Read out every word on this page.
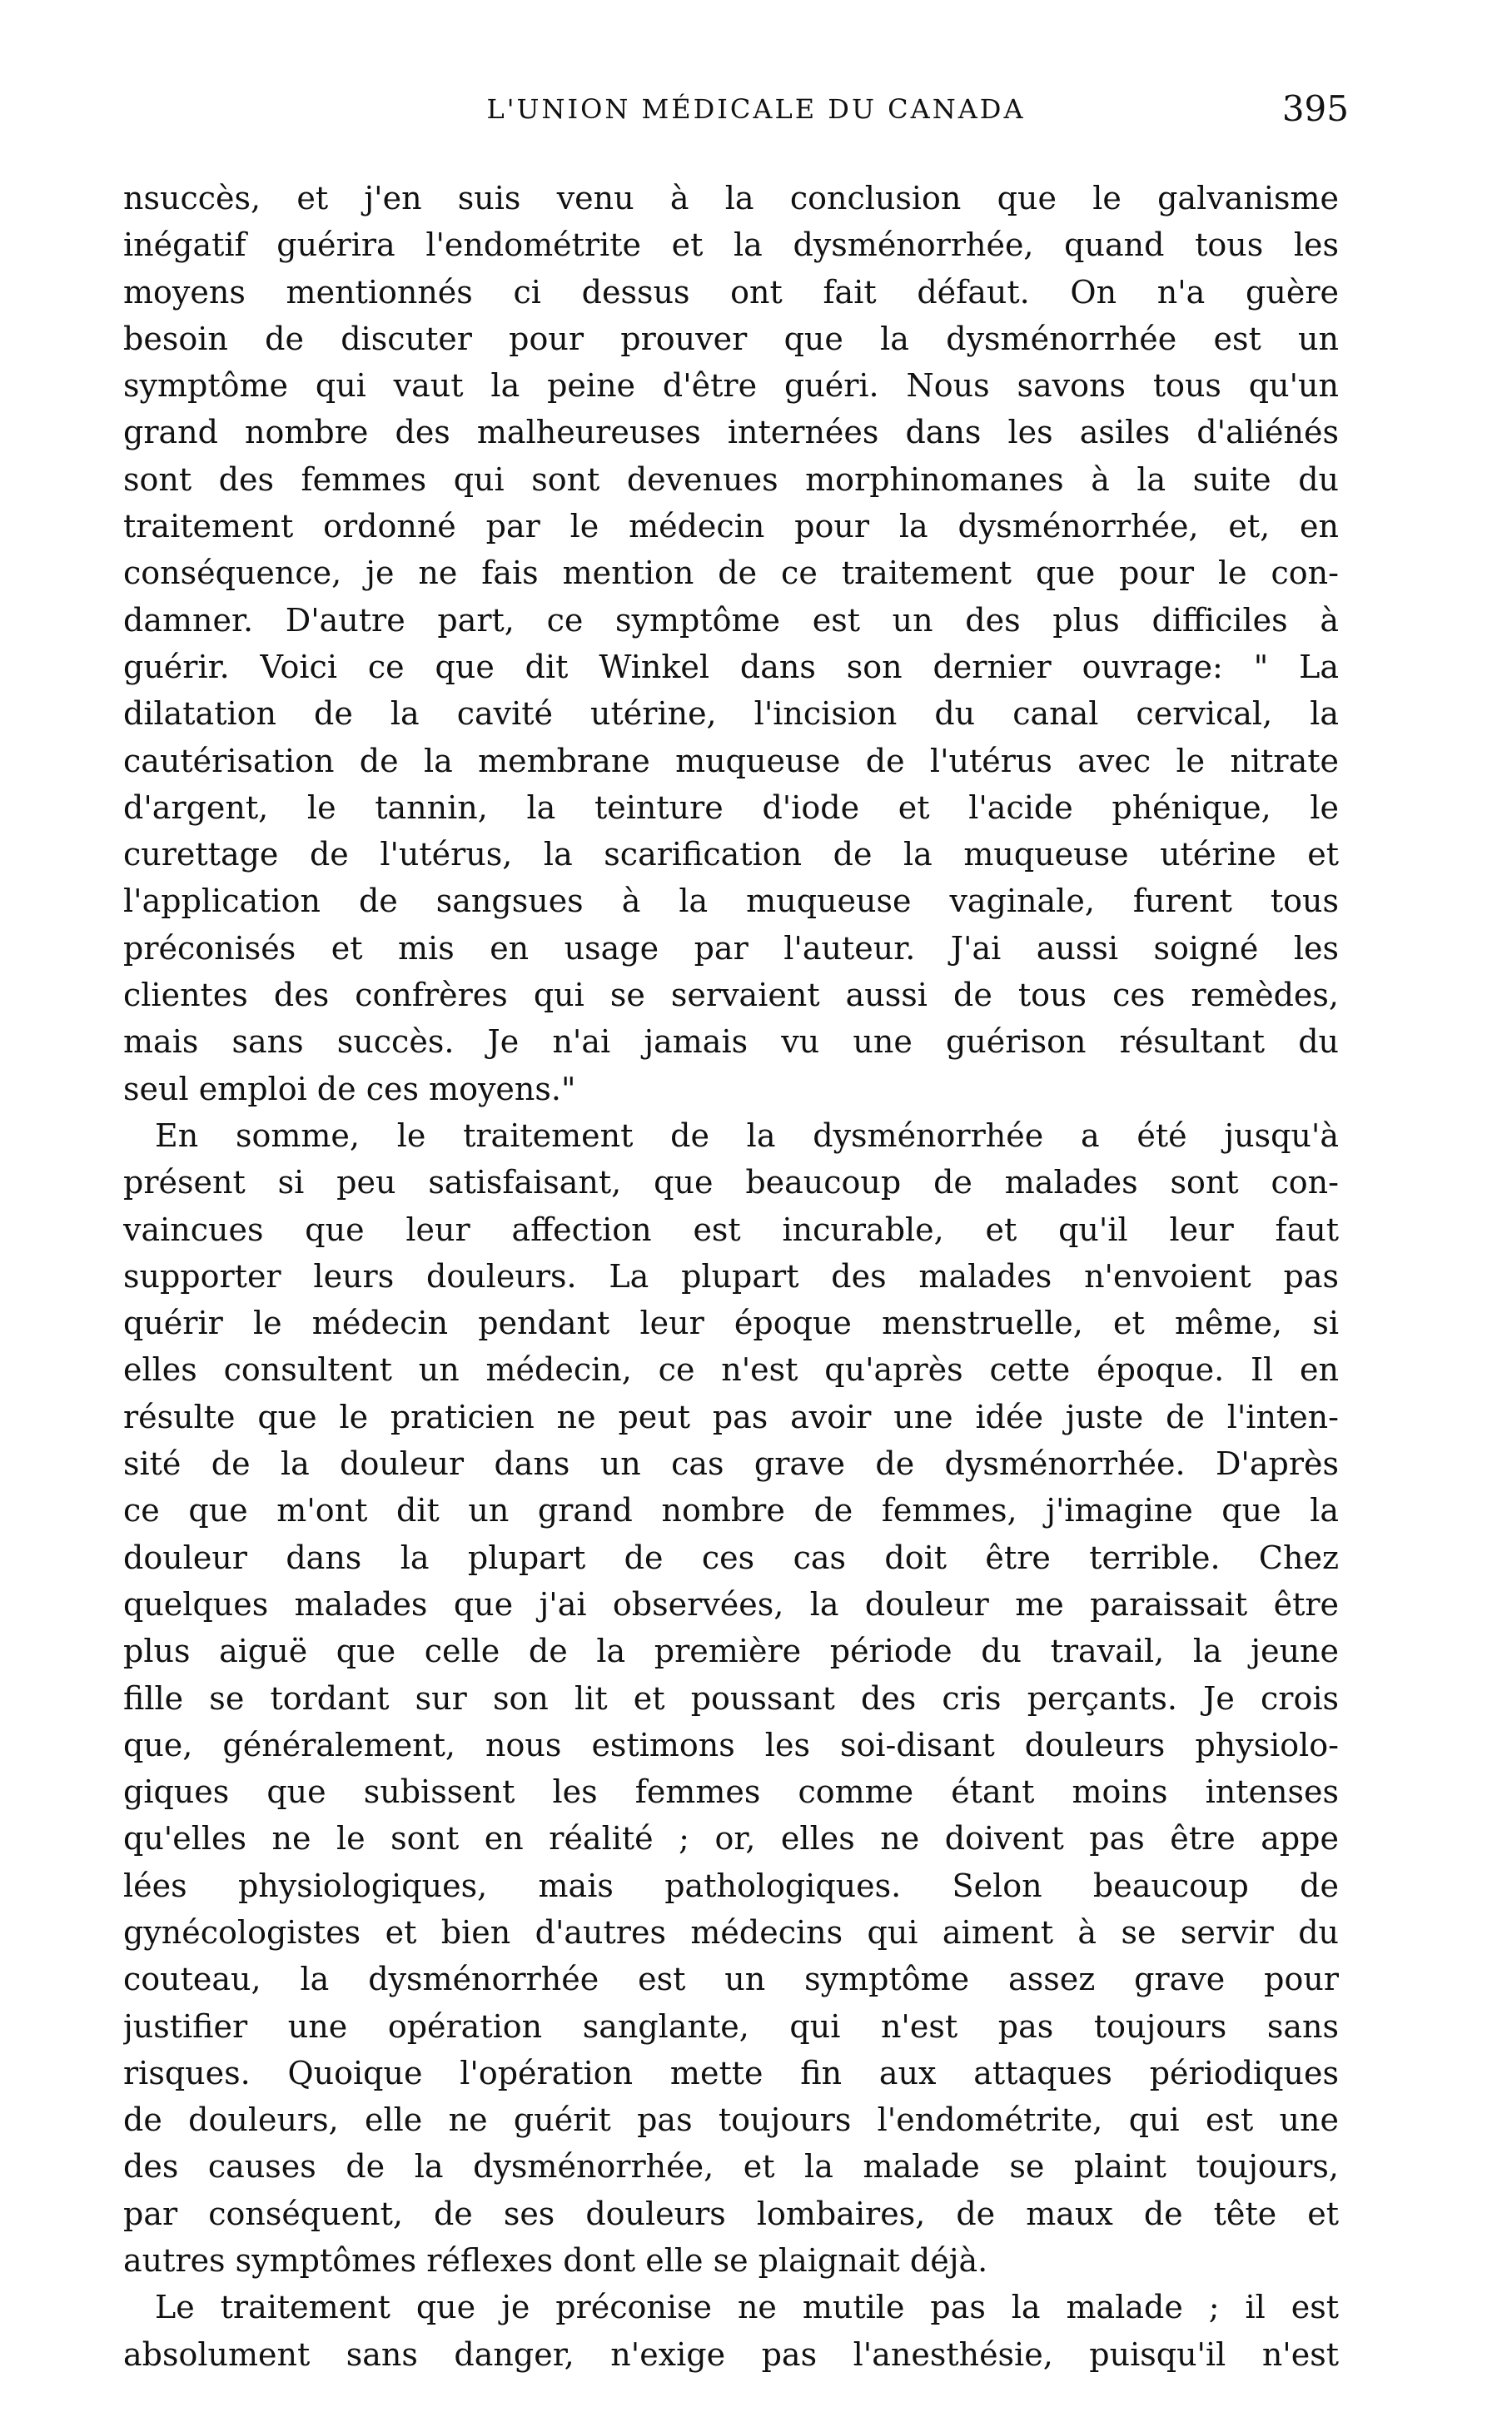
L'UNION MÉDICALE DU CANADA	395
nsuccès, et j'en suis venu à la conclusion que le galvanisme
inégatif guérira l'endométrite et la dysménorrhée, quand tous les
moyens mentionnés ci dessus ont fait défaut. On n'a guère
besoin de discuter pour prouver que la dysménorrhée est un
symptôme qui vaut la peine d'être guéri. Nous savons tous qu'un
grand nombre des malheureuses internées dans les asiles d'aliénés
sont des femmes qui sont devenues morphinomanes à la suite du
traitement ordonné par le médecin pour la dysménorrhée, et, en
conséquence, je ne fais mention de ce traitement que pour le con-
damner. D'autre part, ce symptôme est un des plus difficiles à
guérir. Voici ce que dit Winkel dans son dernier ouvrage: " La
dilatation de la cavité utérine, l'incision du canal cervical, la
cautérisation de la membrane muqueuse de l'utérus avec le nitrate
d'argent, le tannin, la teinture d'iode et l'acide phénique, le
curettage de l'utérus, la scarification de la muqueuse utérine et
l'application de sangsues à la muqueuse vaginale, furent tous
préconisés et mis en usage par l'auteur. J'ai aussi soigné les
clientes des confrères qui se servaient aussi de tous ces remèdes,
mais sans succès. Je n'ai jamais vu une guérison résultant du
seul emploi de ces moyens."
En somme, le traitement de la dysménorrhée a été jusqu'à
présent si peu satisfaisant, que beaucoup de malades sont con-
vaincues que leur affection est incurable, et qu'il leur faut
supporter leurs douleurs. La plupart des malades n'envoient pas
quérir le médecin pendant leur époque menstruelle, et même, si
elles consultent un médecin, ce n'est qu'après cette époque. Il en
résulte que le praticien ne peut pas avoir une idée juste de l'inten-
sité de la douleur dans un cas grave de dysménorrhée. D'après
ce que m'ont dit un grand nombre de femmes, j'imagine que la
douleur dans la plupart de ces cas doit être terrible. Chez
quelques malades que j'ai observées, la douleur me paraissait être
plus aiguë que celle de la première période du travail, la jeune
fille se tordant sur son lit et poussant des cris perçants. Je crois
que, généralement, nous estimons les soi-disant douleurs physiolo-
giques que subissent les femmes comme étant moins intenses
qu'elles ne le sont en réalité ; or, elles ne doivent pas être appe
lées physiologiques, mais pathologiques. Selon beaucoup de
gynécologistes et bien d'autres médecins qui aiment à se servir du
couteau, la dysménorrhée est un symptôme assez grave pour
justifier une opération sanglante, qui n'est pas toujours sans
risques. Quoique l'opération mette fin aux attaques périodiques
de douleurs, elle ne guérit pas toujours l'endométrite, qui est une
des causes de la dysménorrhée, et la malade se plaint toujours,
par conséquent, de ses douleurs lombaires, de maux de tête et
autres symptômes réflexes dont elle se plaignait déjà.
Le traitement que je préconise ne mutile pas la malade ; il est
absolument sans danger, n'exige pas l'anesthésie, puisqu'il n'est
